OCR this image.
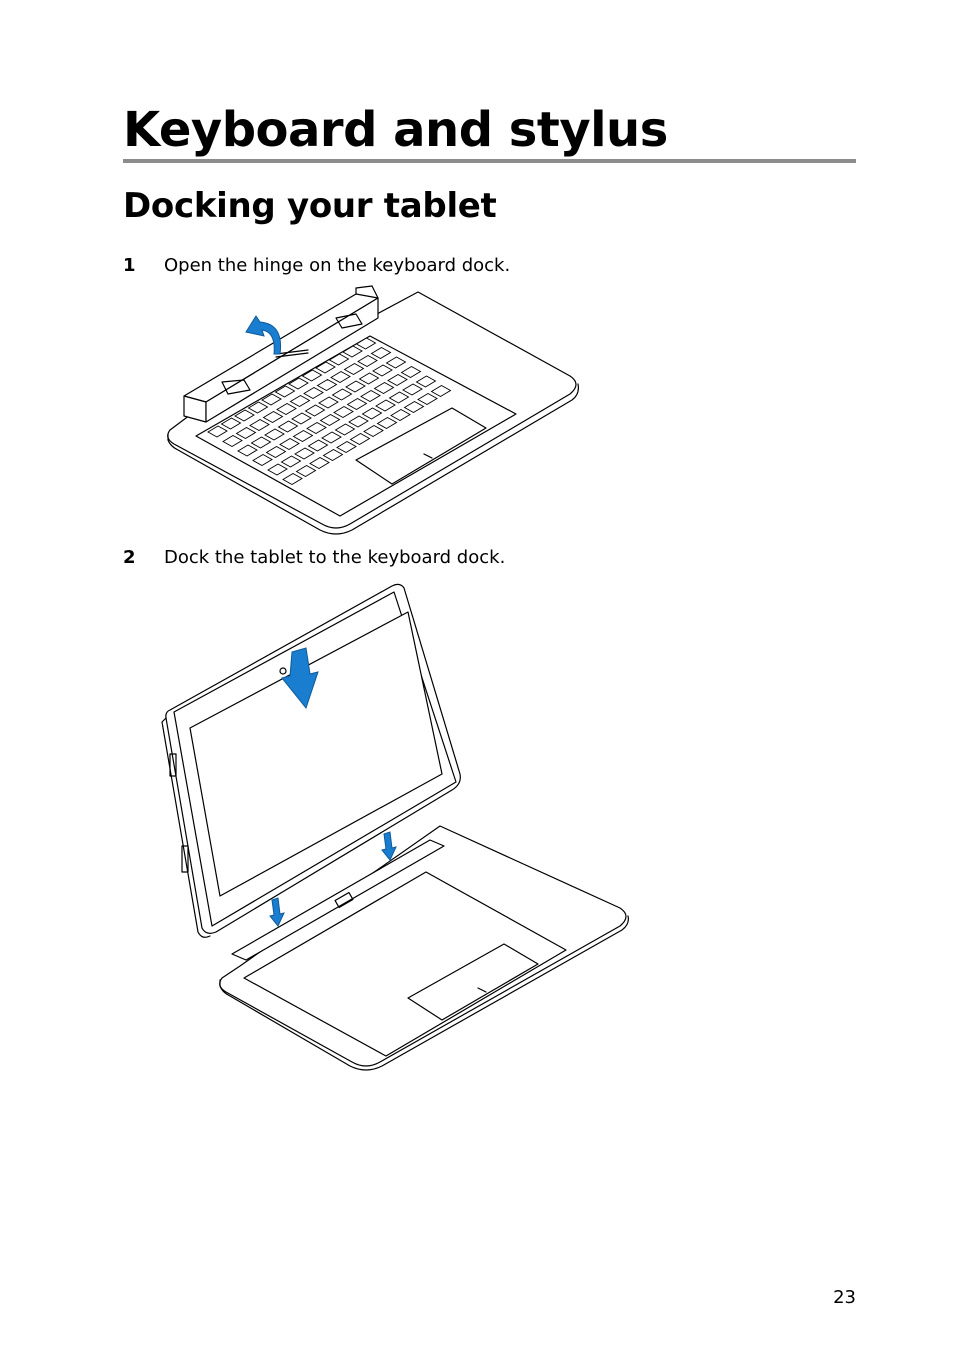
Keyboard and stylus
Docking your tablet
1 Open the hinge on the keyboard dock.
2 Dock the tablet to the keyboard dock.
23
